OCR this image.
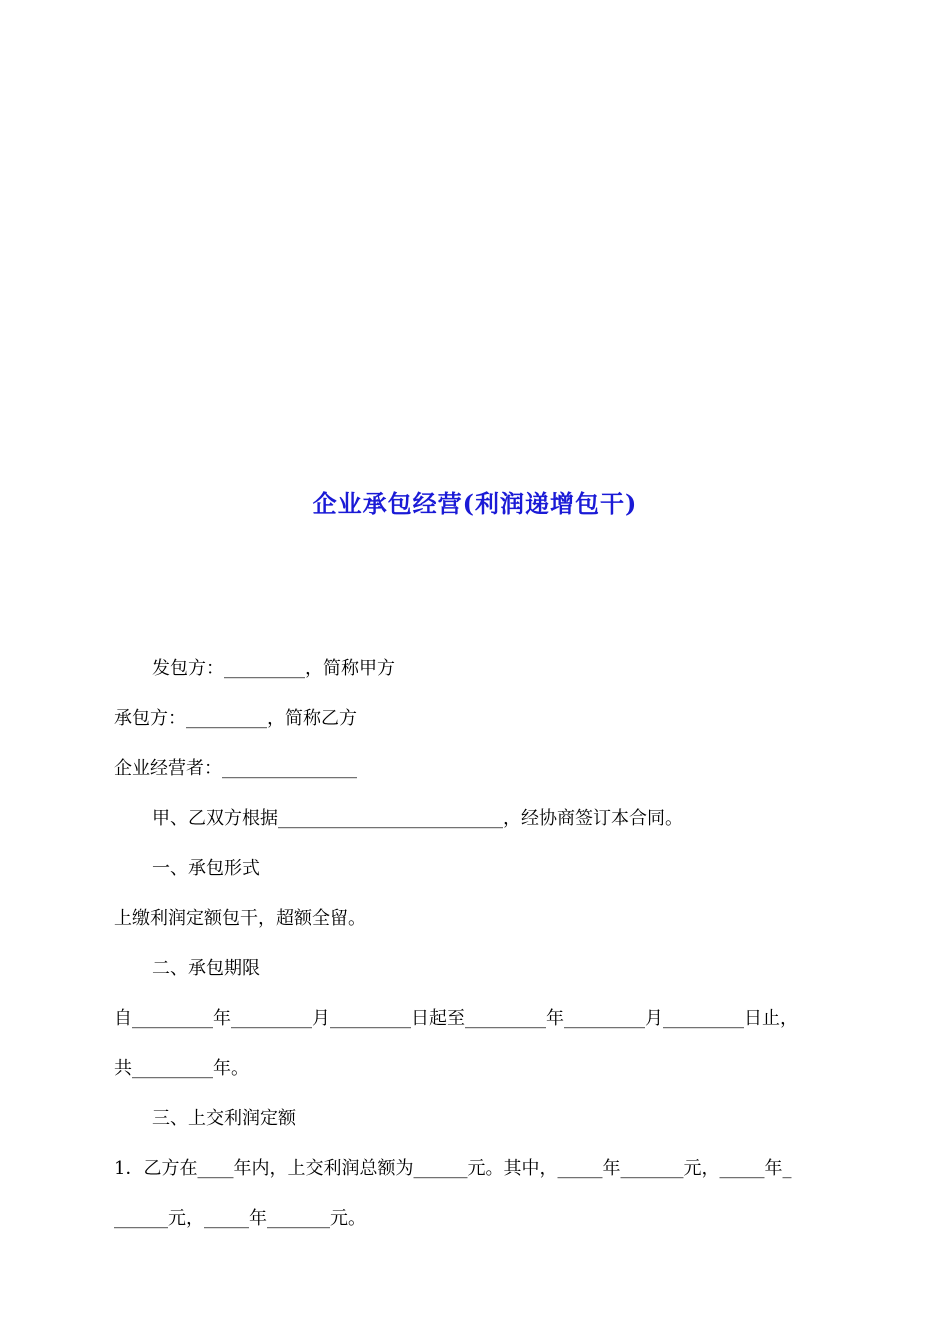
企业承包经营(利润递增包干)
发包方：_________，简称甲方
承包方：_________，简称乙方
企业经营者：_______________
甲、乙双方根据_________________________，经协商签订本合同。
一、承包形式
上缴利润定额包干，超额全留。
二、承包期限
自_________年_________月_________日起至_________年_________月_________日止，
共_________年。
三、上交利润定额
1．乙方在____年内，上交利润总额为______元。其中，_____年_______元，_____年_
______元，_____年_______元。
